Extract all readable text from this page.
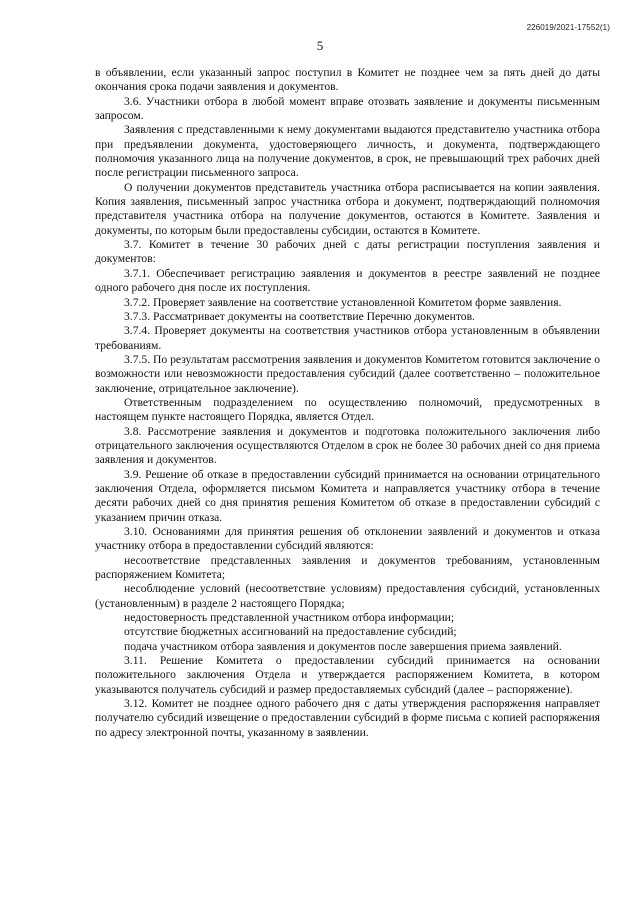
226019/2021-17552(1)
5

в объявлении, если указанный запрос поступил в Комитет не позднее чем за пять дней до даты окончания срока подачи заявления и документов.

3.6. Участники отбора в любой момент вправе отозвать заявление и документы письменным запросом.

Заявления с представленными к нему документами выдаются представителю участника отбора при предъявлении документа, удостоверяющего личность, и документа, подтверждающего полномочия указанного лица на получение документов, в срок, не превышающий трех рабочих дней после регистрации письменного запроса.

О получении документов представитель участника отбора расписывается на копии заявления. Копия заявления, письменный запрос участника отбора и документ, подтверждающий полномочия представителя участника отбора на получение документов, остаются в Комитете. Заявления и документы, по которым были предоставлены субсидии, остаются в Комитете.

3.7. Комитет в течение 30 рабочих дней с даты регистрации поступления заявления и документов:

3.7.1. Обеспечивает регистрацию заявления и документов в реестре заявлений не позднее одного рабочего дня после их поступления.

3.7.2. Проверяет заявление на соответствие установленной Комитетом форме заявления.

3.7.3. Рассматривает документы на соответствие Перечню документов.

3.7.4. Проверяет документы на соответствия участников отбора установленным в объявлении требованиям.

3.7.5. По результатам рассмотрения заявления и документов Комитетом готовится заключение о возможности или невозможности предоставления субсидий (далее соответственно – положительное заключение, отрицательное заключение).

Ответственным подразделением по осуществлению полномочий, предусмотренных в настоящем пункте настоящего Порядка, является Отдел.

3.8. Рассмотрение заявления и документов и подготовка положительного заключения либо отрицательного заключения осуществляются Отделом в срок не более 30 рабочих дней со дня приема заявления и документов.

3.9. Решение об отказе в предоставлении субсидий принимается на основании отрицательного заключения Отдела, оформляется письмом Комитета и направляется участнику отбора в течение десяти рабочих дней со дня принятия решения Комитетом об отказе в предоставлении субсидий с указанием причин отказа.

3.10. Основаниями для принятия решения об отклонении заявлений и документов и отказа участнику отбора в предоставлении субсидий являются:

несоответствие представленных заявления и документов требованиям, установленным распоряжением Комитета;

несоблюдение условий (несоответствие условиям) предоставления субсидий, установленных (установленным) в разделе 2 настоящего Порядка;

недостоверность представленной участником отбора информации;

отсутствие бюджетных ассигнований на предоставление субсидий;

подача участником отбора заявления и документов после завершения приема заявлений.

3.11. Решение Комитета о предоставлении субсидий принимается на основании положительного заключения Отдела и утверждается распоряжением Комитета, в котором указываются получатель субсидий и размер предоставляемых субсидий (далее – распоряжение).

3.12. Комитет не позднее одного рабочего дня с даты утверждения распоряжения направляет получателю субсидий извещение о предоставлении субсидий в форме письма с копией распоряжения по адресу электронной почты, указанному в заявлении.
